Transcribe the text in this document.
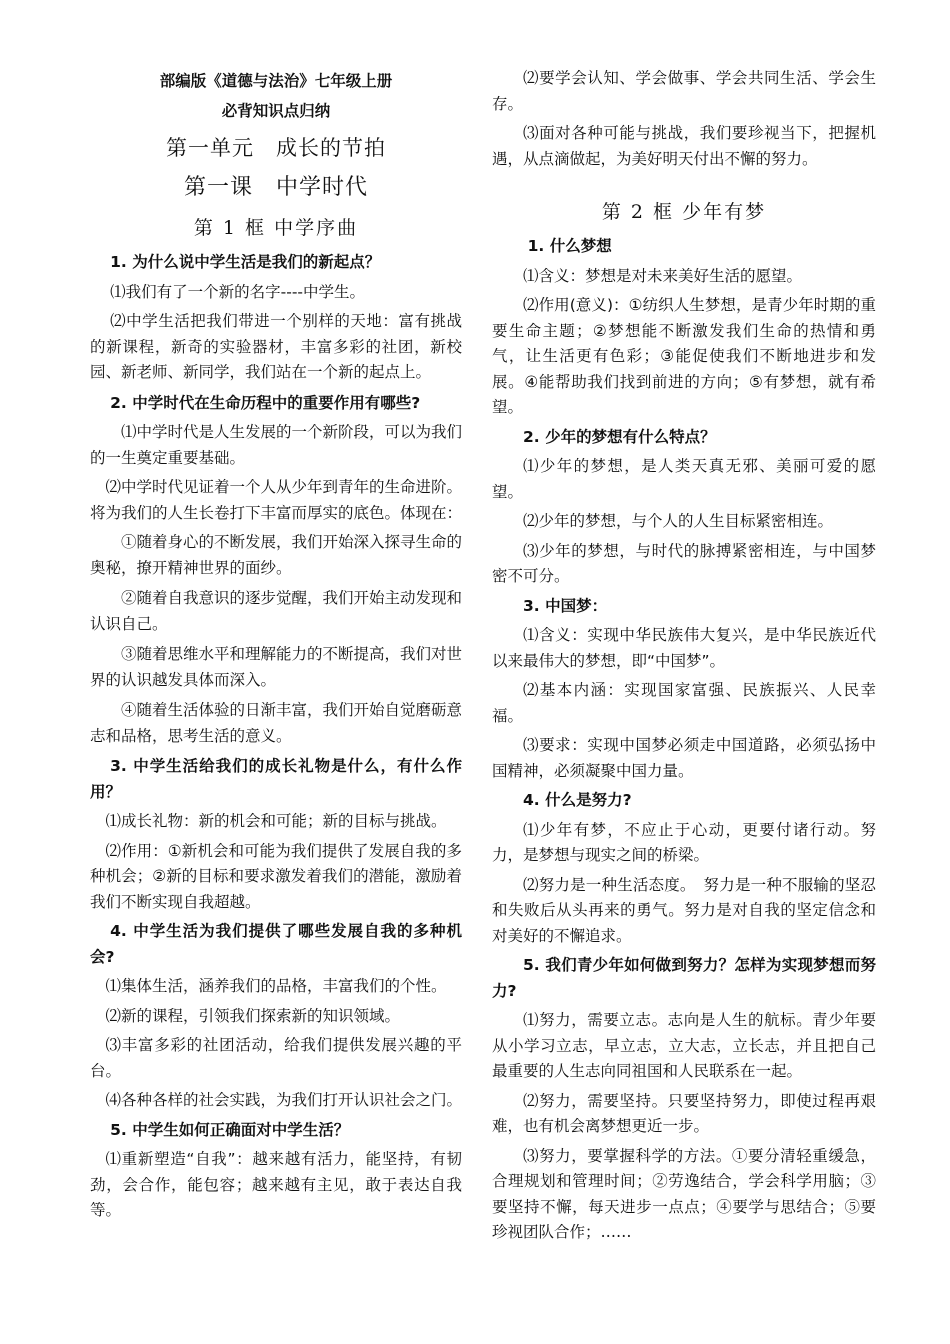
部编版《道德与法治》七年级上册

必背知识点归纳

第一单元　成长的节拍

第一课　中学时代

第 1 框 中学序曲

1. 为什么说中学生活是我们的新起点？

⑴我们有了一个新的名字----中学生。

⑵中学生活把我们带进一个别样的天地：富有挑战的新课程，新奇的实验器材，丰富多彩的社团，新校园、新老师、新同学，我们站在一个新的起点上。

2. 中学时代在生命历程中的重要作用有哪些?

⑴中学时代是人生发展的一个新阶段，可以为我们的一生奠定重要基础。

⑵中学时代见证着一个人从少年到青年的生命进阶。将为我们的人生长卷打下丰富而厚实的底色。体现在：

①随着身心的不断发展，我们开始深入探寻生命的奥秘，撩开精神世界的面纱。

②随着自我意识的逐步觉醒，我们开始主动发现和认识自己。

③随着思维水平和理解能力的不断提高，我们对世界的认识越发具体而深入。

④随着生活体验的日渐丰富，我们开始自觉磨砺意志和品格，思考生活的意义。

3. 中学生活给我们的成长礼物是什么，有什么作用？

⑴成长礼物：新的机会和可能；新的目标与挑战。

⑵作用：①新机会和可能为我们提供了发展自我的多种机会；②新的目标和要求激发着我们的潜能，激励着我们不断实现自我超越。

4. 中学生活为我们提供了哪些发展自我的多种机会?

⑴集体生活，涵养我们的品格，丰富我们的个性。

⑵新的课程，引领我们探索新的知识领域。

⑶丰富多彩的社团活动，给我们提供发展兴趣的平台。

⑷各种各样的社会实践，为我们打开认识社会之门。

5. 中学生如何正确面对中学生活？

⑴重新塑造“自我”：越来越有活力，能坚持，有韧劲，会合作，能包容；越来越有主见，敢于表达自我等。

⑵要学会认知、学会做事、学会共同生活、学会生存。

⑶面对各种可能与挑战，我们要珍视当下，把握机遇，从点滴做起，为美好明天付出不懈的努力。

第 2 框 少年有梦

1. 什么梦想

⑴含义：梦想是对未来美好生活的愿望。

⑵作用(意义)：①纺织人生梦想，是青少年时期的重要生命主题；②梦想能不断激发我们生命的热情和勇气，让生活更有色彩；③能促使我们不断地进步和发展。④能帮助我们找到前进的方向；⑤有梦想，就有希望。

2. 少年的梦想有什么特点？

⑴少年的梦想，是人类天真无邪、美丽可爱的愿望。

⑵少年的梦想，与个人的人生目标紧密相连。

⑶少年的梦想，与时代的脉搏紧密相连，与中国梦密不可分。

3. 中国梦：

⑴含义：实现中华民族伟大复兴，是中华民族近代以来最伟大的梦想，即“中国梦”。

⑵基本内涵：实现国家富强、民族振兴、人民幸福。

⑶要求：实现中国梦必须走中国道路，必须弘扬中国精神，必须凝聚中国力量。

4. 什么是努力?

⑴少年有梦，不应止于心动，更要付诸行动。努力，是梦想与现实之间的桥梁。

⑵努力是一种生活态度。　努力是一种不服输的坚忍和失败后从头再来的勇气。努力是对自我的坚定信念和对美好的不懈追求。

5. 我们青少年如何做到努力？怎样为实现梦想而努力?

⑴努力，需要立志。志向是人生的航标。青少年要从小学习立志，早立志，立大志，立长志，并且把自己最重要的人生志向同祖国和人民联系在一起。

⑵努力，需要坚持。只要坚持努力，即使过程再艰难，也有机会离梦想更近一步。

⑶努力，要掌握科学的方法。①要分清轻重缓急，合理规划和管理时间；②劳逸结合，学会科学用脑；③要坚持不懈，每天进步一点点；④要学与思结合；⑤要珍视团队合作；……
